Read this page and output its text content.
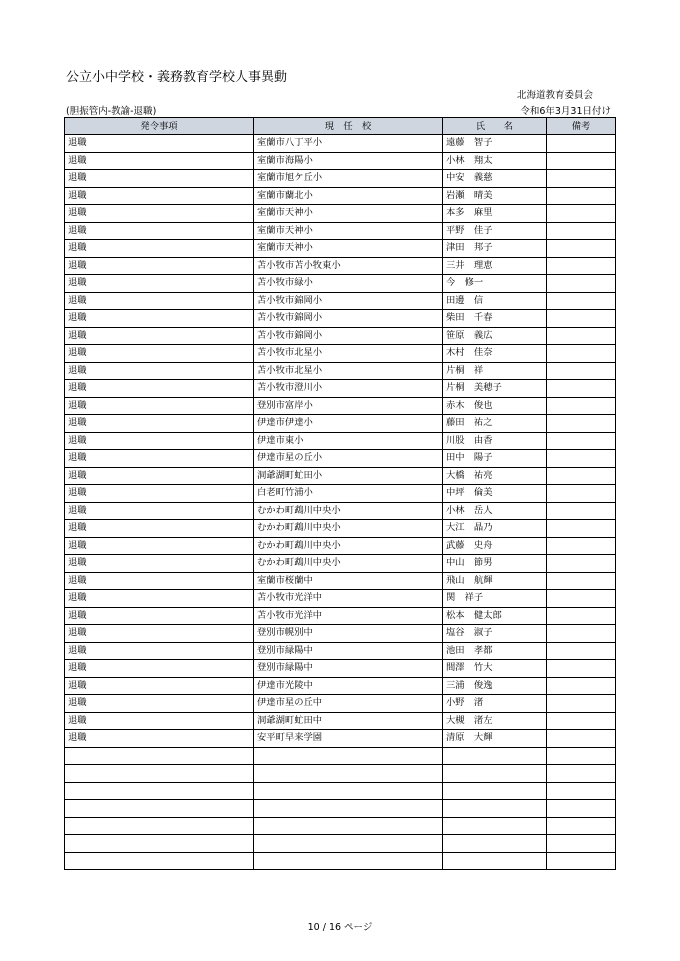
公立小中学校・義務教育学校人事異動
北海道教育委員会
(胆振管内-教諭-退職)	令和6年3月31日付け
発令事項	現　任　校	氏　　名	備考
退職	室蘭市八丁平小	遠藤　智子	
退職	室蘭市海陽小	小林　翔太	
退職	室蘭市旭ケ丘小	中安　義慈	
退職	室蘭市蘭北小	岩瀬　晴美	
退職	室蘭市天神小	本多　麻里	
退職	室蘭市天神小	平野　佳子	
退職	室蘭市天神小	津田　邦子	
退職	苫小牧市苫小牧東小	三井　理恵	
退職	苫小牧市緑小	今　修一	
退職	苫小牧市錦岡小	田邊　信	
退職	苫小牧市錦岡小	柴田　千春	
退職	苫小牧市錦岡小	笹原　義広	
退職	苫小牧市北星小	木村　佳奈	
退職	苫小牧市北星小	片桐　祥	
退職	苫小牧市澄川小	片桐　美穂子	
退職	登別市富岸小	赤木　俊也	
退職	伊達市伊達小	藤田　祐之	
退職	伊達市東小	川股　由香	
退職	伊達市星の丘小	田中　陽子	
退職	洞爺湖町虻田小	大橋　祐亮	
退職	白老町竹浦小	中坪　倫美	
退職	むかわ町鵡川中央小	小林　岳人	
退職	むかわ町鵡川中央小	大江　晶乃	
退職	むかわ町鵡川中央小	武藤　史舟	
退職	むかわ町鵡川中央小	中山　節男	
退職	室蘭市桜蘭中	飛山　航輝	
退職	苫小牧市光洋中	関　祥子	
退職	苫小牧市光洋中	松本　健太郎	
退職	登別市幌別中	塩谷　淑子	
退職	登別市緑陽中	池田　孝都	
退職	登別市緑陽中	間澤　竹大	
退職	伊達市光陵中	三浦　俊逸	
退職	伊達市星の丘中	小野　渚	
退職	洞爺湖町虻田中	大槻　渚左	
退職	安平町早来学園	清原　大輝	

10 / 16 ページ
